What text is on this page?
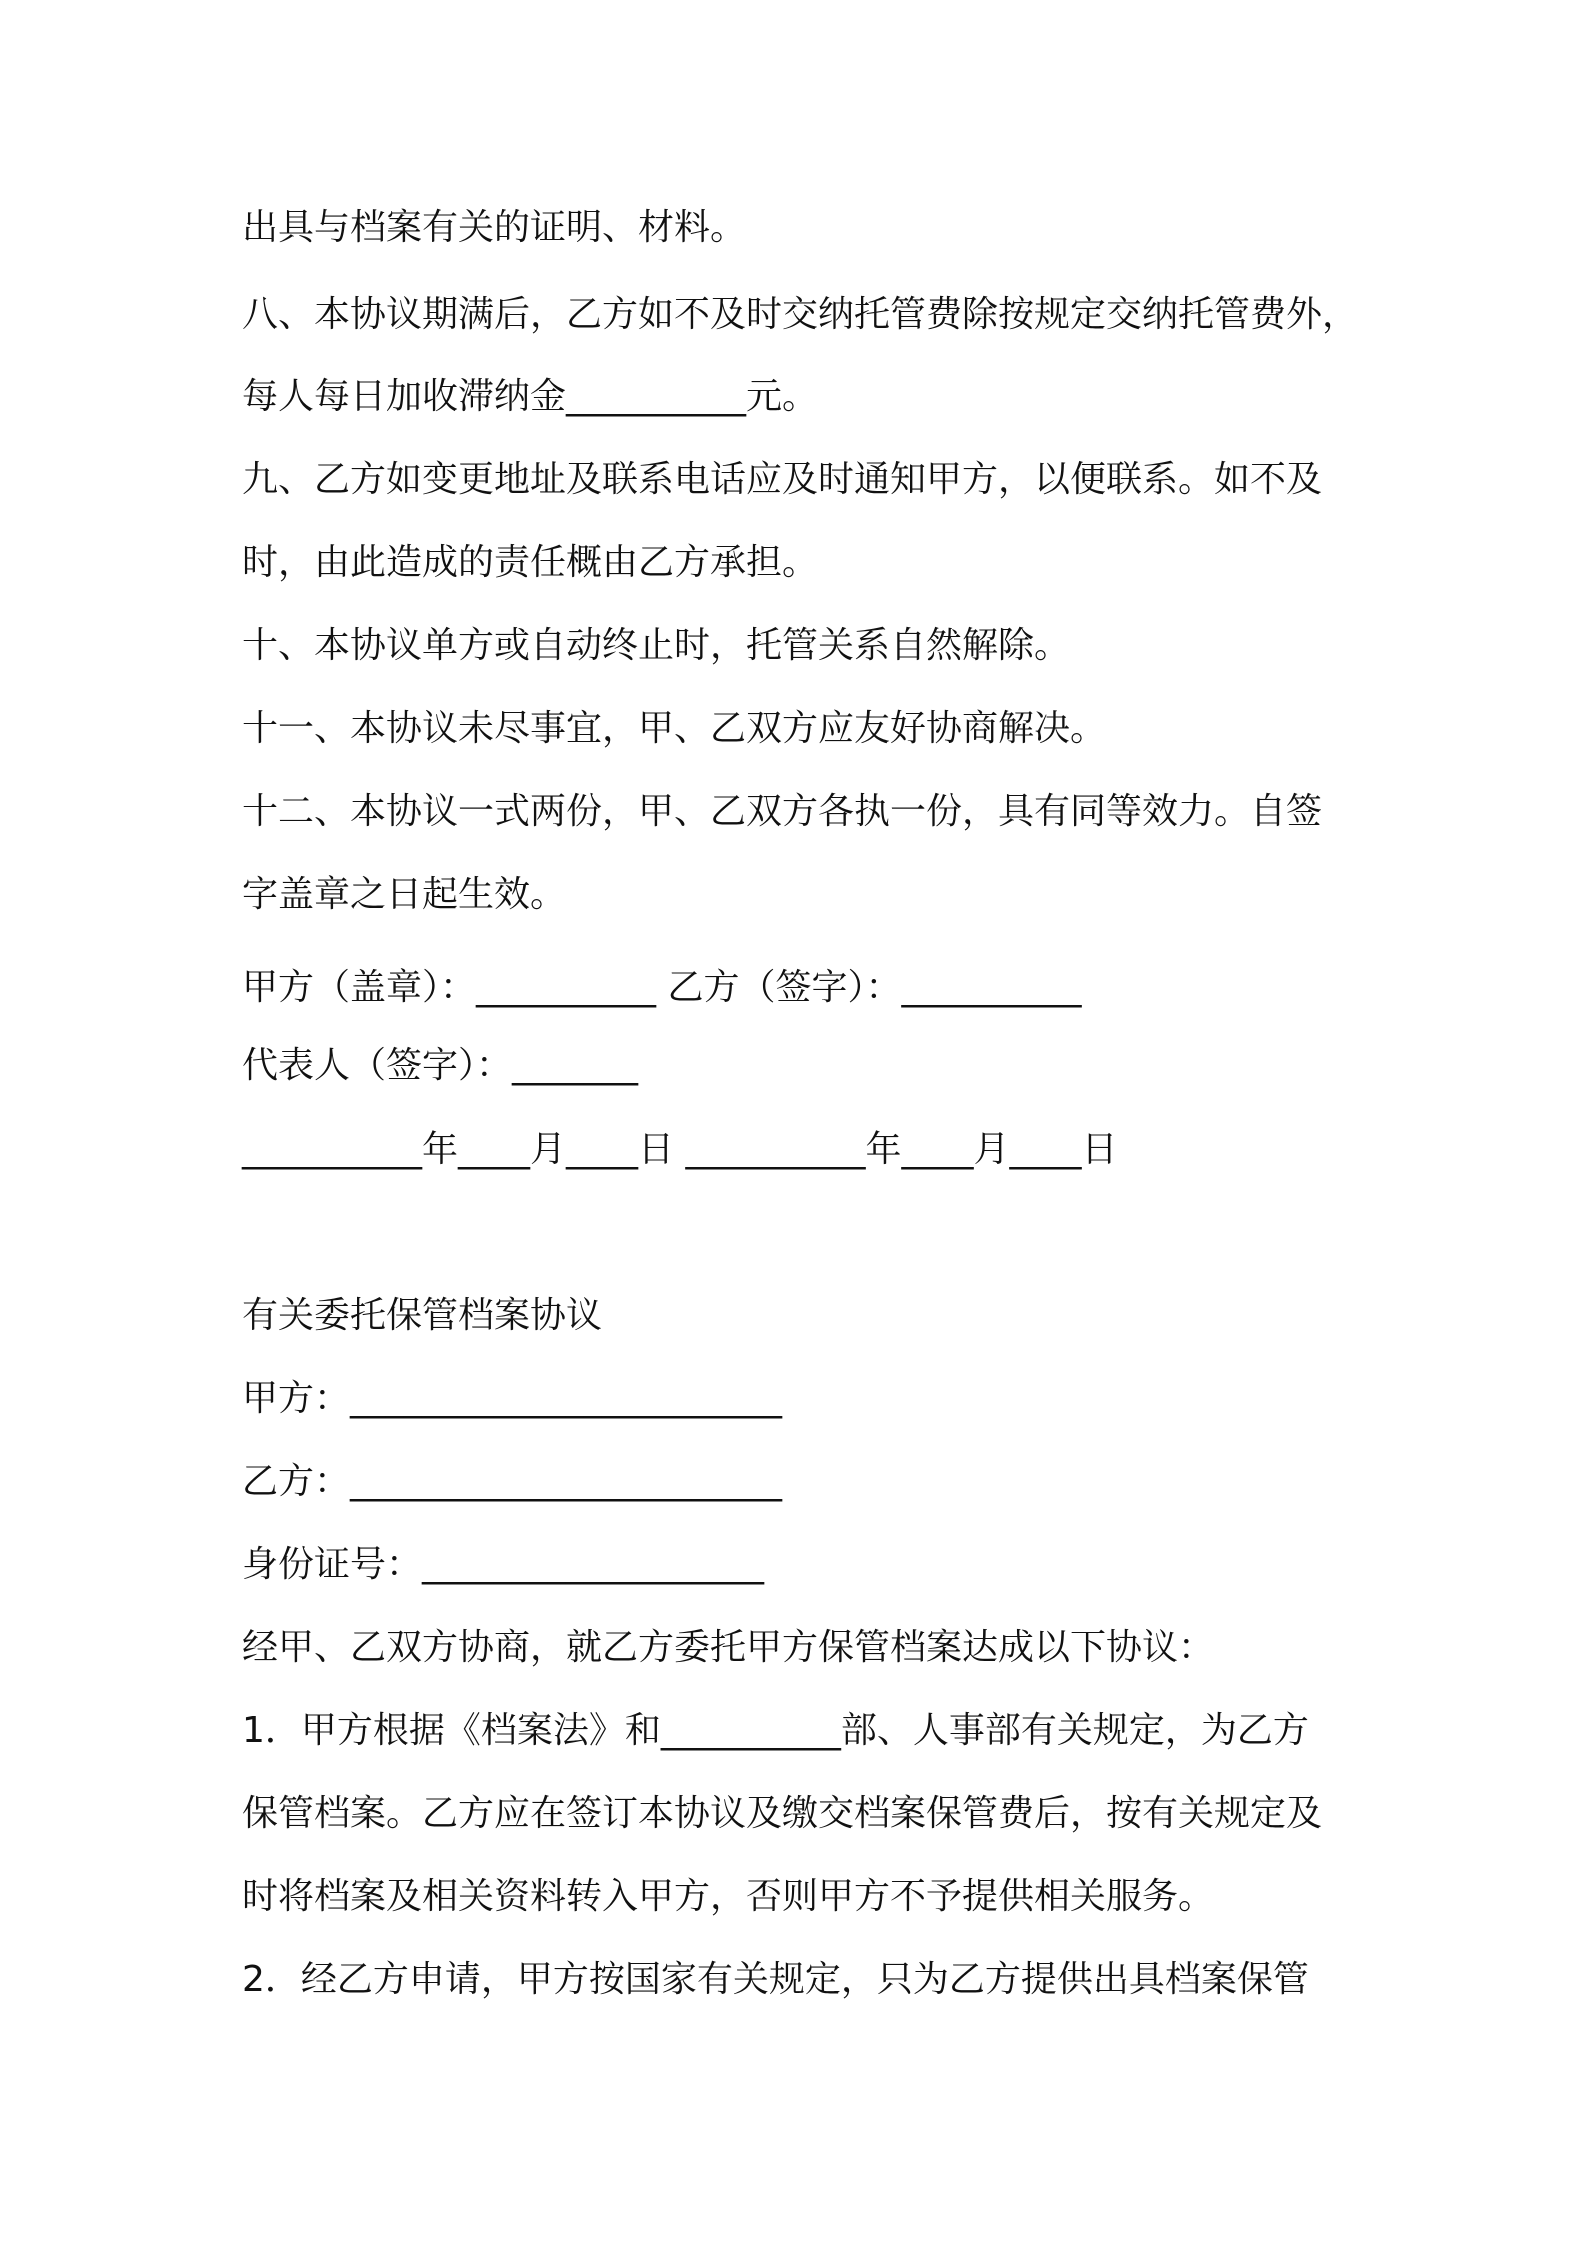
出具与档案有关的证明、材料。
八、本协议期满后，乙方如不及时交纳托管费除按规定交纳托管费外，
每人每日加收滞纳金__________元。
九、乙方如变更地址及联系电话应及时通知甲方，以便联系。如不及
时，由此造成的责任概由乙方承担。
十、本协议单方或自动终止时，托管关系自然解除。
十一、本协议未尽事宜，甲、乙双方应友好协商解决。
十二、本协议一式两份，甲、乙双方各执一份，具有同等效力。自签
字盖章之日起生效。
甲方（盖章）：__________ 乙方（签字）：__________
代表人（签字）：_______
__________年____月____日 __________年____月____日
有关委托保管档案协议
甲方：________________________
乙方：________________________
身份证号：___________________
经甲、乙双方协商，就乙方委托甲方保管档案达成以下协议：
1．甲方根据《档案法》和__________部、人事部有关规定，为乙方
保管档案。乙方应在签订本协议及缴交档案保管费后，按有关规定及
时将档案及相关资料转入甲方，否则甲方不予提供相关服务。
2．经乙方申请，甲方按国家有关规定，只为乙方提供出具档案保管
